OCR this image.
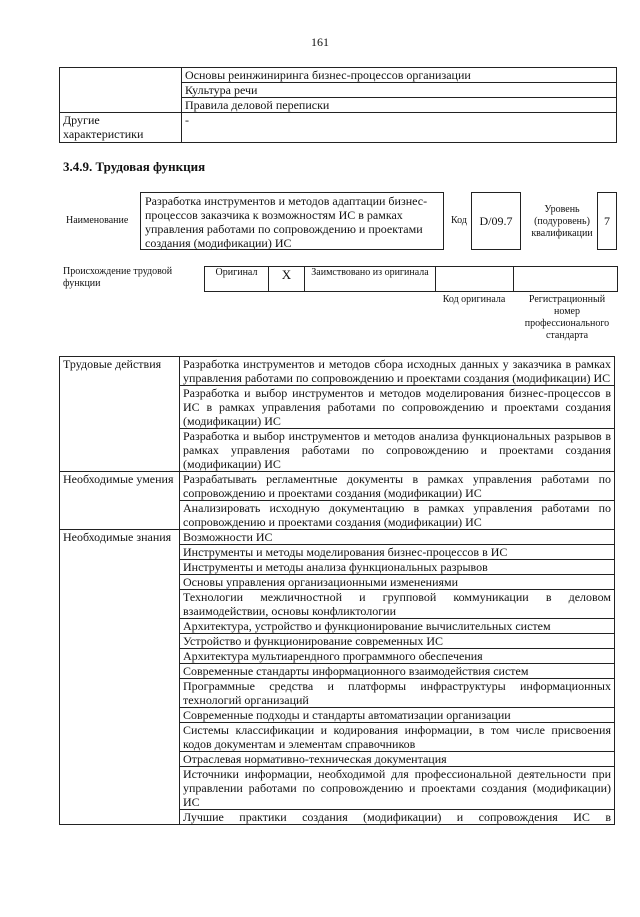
161
	Основы реинжиниринга бизнес-процессов организации
	Культура речи
	Правила деловой переписки
Другие характеристики	-
3.4.9. Трудовая функция
Наименование
Разработка инструментов и методов адаптации бизнес-процессов заказчика к возможностям ИС в рамках управления работами по сопровождению и проектами создания (модификации) ИС
Код	D/09.7
Уровень (подуровень) квалификации
7
Происхождение трудовой функции
Оригинал	X	Заимствовано из оригинала		
Код оригинала	Регистрационный номер профессионального стандарта
Трудовые действия	Разработка инструментов и методов сбора исходных данных у заказчика в рамках управления работами по сопровождению и проектами создания (модификации) ИС
	Разработка и выбор инструментов и методов моделирования бизнес-процессов в ИС в рамках управления работами по сопровождению и проектами создания (модификации) ИС
	Разработка и выбор инструментов и методов анализа функциональных разрывов в рамках управления работами по сопровождению и проектами создания (модификации) ИС
Необходимые умения	Разрабатывать регламентные документы в рамках управления работами по сопровождению и проектами создания (модификации) ИС
	Анализировать исходную документацию в рамках управления работами по сопровождению и проектами создания (модификации) ИС
Необходимые знания	Возможности ИС
	Инструменты и методы моделирования бизнес-процессов в ИС
	Инструменты и методы анализа функциональных разрывов
	Основы управления организационными изменениями
	Технологии межличностной и групповой коммуникации в деловом взаимодействии, основы конфликтологии
	Архитектура, устройство и функционирование вычислительных систем
	Устройство и функционирование современных ИС
	Архитектура мультиарендного программного обеспечения
	Современные стандарты информационного взаимодействия систем
	Программные средства и платформы инфраструктуры информационных технологий организаций
	Современные подходы и стандарты автоматизации организации
	Системы классификации и кодирования информации, в том числе присвоения кодов документам и элементам справочников
	Отраслевая нормативно-техническая документация
	Источники информации, необходимой для профессиональной деятельности при управлении работами по сопровождению и проектами создания (модификации) ИС
	Лучшие практики создания (модификации) и сопровождения ИС в
